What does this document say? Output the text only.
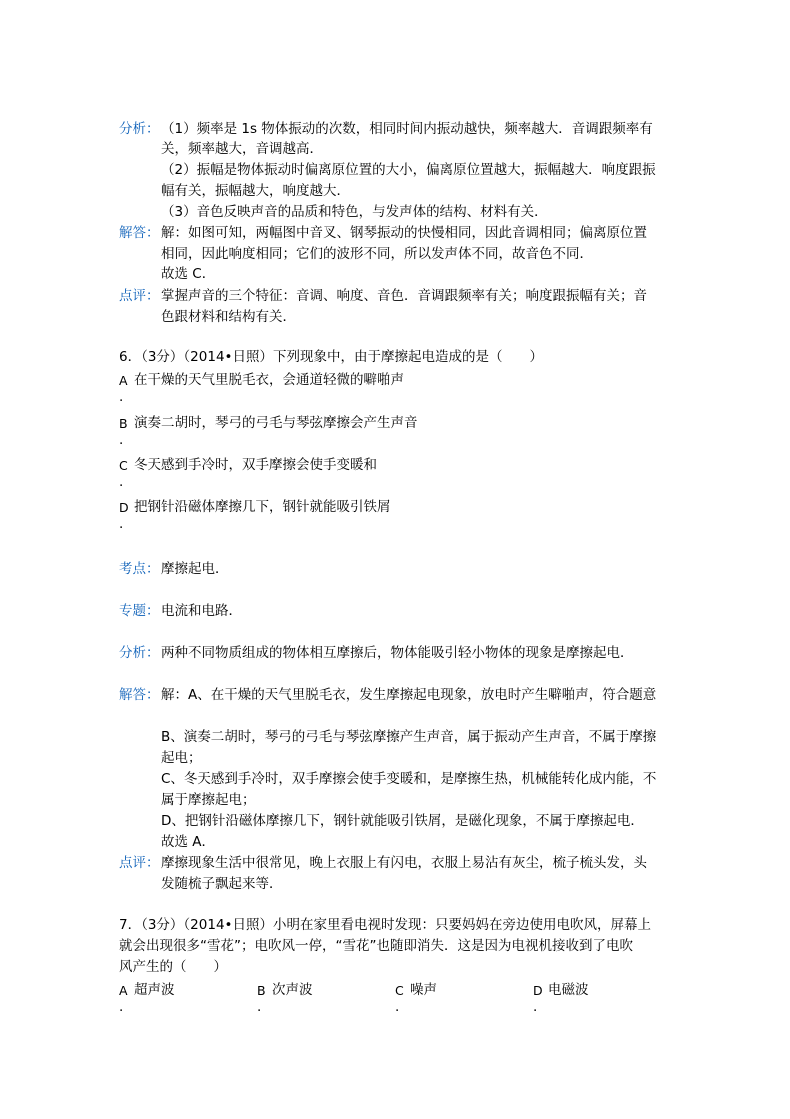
分析： （1）频率是 1s 物体振动的次数，相同时间内振动越快，频率越大．音调跟频率有
关，频率越大，音调越高．
（2）振幅是物体振动时偏离原位置的大小，偏离原位置越大，振幅越大．响度跟振
幅有关，振幅越大，响度越大．
（3）音色反映声音的品质和特色，与发声体的结构、材料有关．
解答： 解：如图可知，两幅图中音叉、钢琴振动的快慢相同，因此音调相同；偏离原位置
相同，因此响度相同；它们的波形不同，所以发声体不同，故音色不同．
故选 C．
点评： 掌握声音的三个特征：音调、响度、音色．音调跟频率有关；响度跟振幅有关；音
色跟材料和结构有关．
6．（3分）（2014•日照）下列现象中，由于摩擦起电造成的是（　　）
A 在干燥的天气里脱毛衣，会通道轻微的噼啪声
.
B 演奏二胡时，琴弓的弓毛与琴弦摩擦会产生声音
.
C 冬天感到手冷时，双手摩擦会使手变暖和
.
D 把钢针沿磁体摩擦几下，钢针就能吸引铁屑
.
考点： 摩擦起电．
专题： 电流和电路．
分析： 两种不同物质组成的物体相互摩擦后，物体能吸引轻小物体的现象是摩擦起电．
解答： 解：A、在干燥的天气里脱毛衣，发生摩擦起电现象，放电时产生噼啪声，符合题意
B、演奏二胡时，琴弓的弓毛与琴弦摩擦产生声音，属于振动产生声音，不属于摩擦
起电；
C、冬天感到手冷时，双手摩擦会使手变暖和，是摩擦生热，机械能转化成内能，不
属于摩擦起电；
D、把钢针沿磁体摩擦几下，钢针就能吸引铁屑，是磁化现象，不属于摩擦起电．
故选 A．
点评： 摩擦现象生活中很常见，晚上衣服上有闪电，衣服上易沾有灰尘，梳子梳头发，头
发随梳子飘起来等．
7．（3分）（2014•日照）小明在家里看电视时发现：只要妈妈在旁边使用电吹风，屏幕上
就会出现很多“雪花”；电吹风一停，“雪花”也随即消失．这是因为电视机接收到了电吹
风产生的（　　）
A 超声波
.
B 次声波
.
C 噪声
.
D 电磁波
.
